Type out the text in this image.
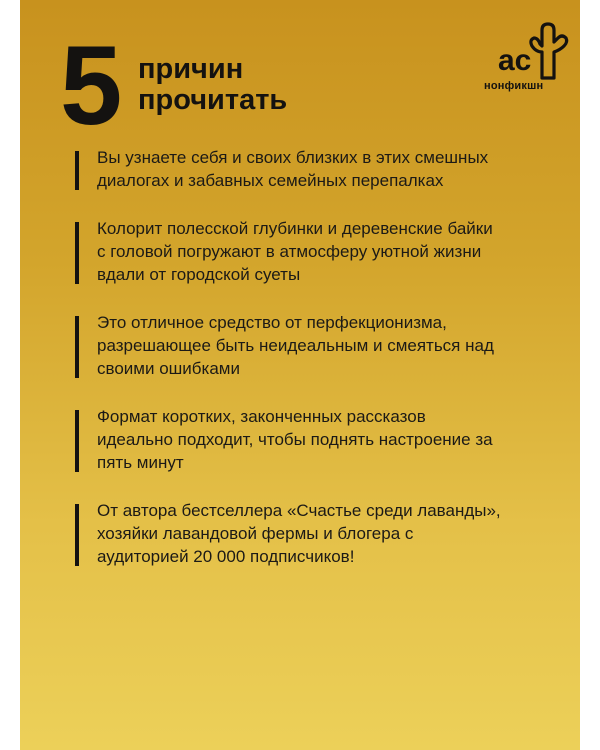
5 причин
прочитать
ас
нонфикшн
Вы узнаете себя и своих близких в этих смешных
диалогах и забавных семейных перепалках
Колорит полесской глубинки и деревенские байки
с головой погружают в атмосферу уютной жизни
вдали от городской суеты
Это отличное средство от перфекционизма,
разрешающее быть неидеальным и смеяться над
своими ошибками
Формат коротких, законченных рассказов
идеально подходит, чтобы поднять настроение за
пять минут
От автора бестселлера «Счастье среди лаванды»,
хозяйки лавандовой фермы и блогера с
аудиторией 20 000 подписчиков!
